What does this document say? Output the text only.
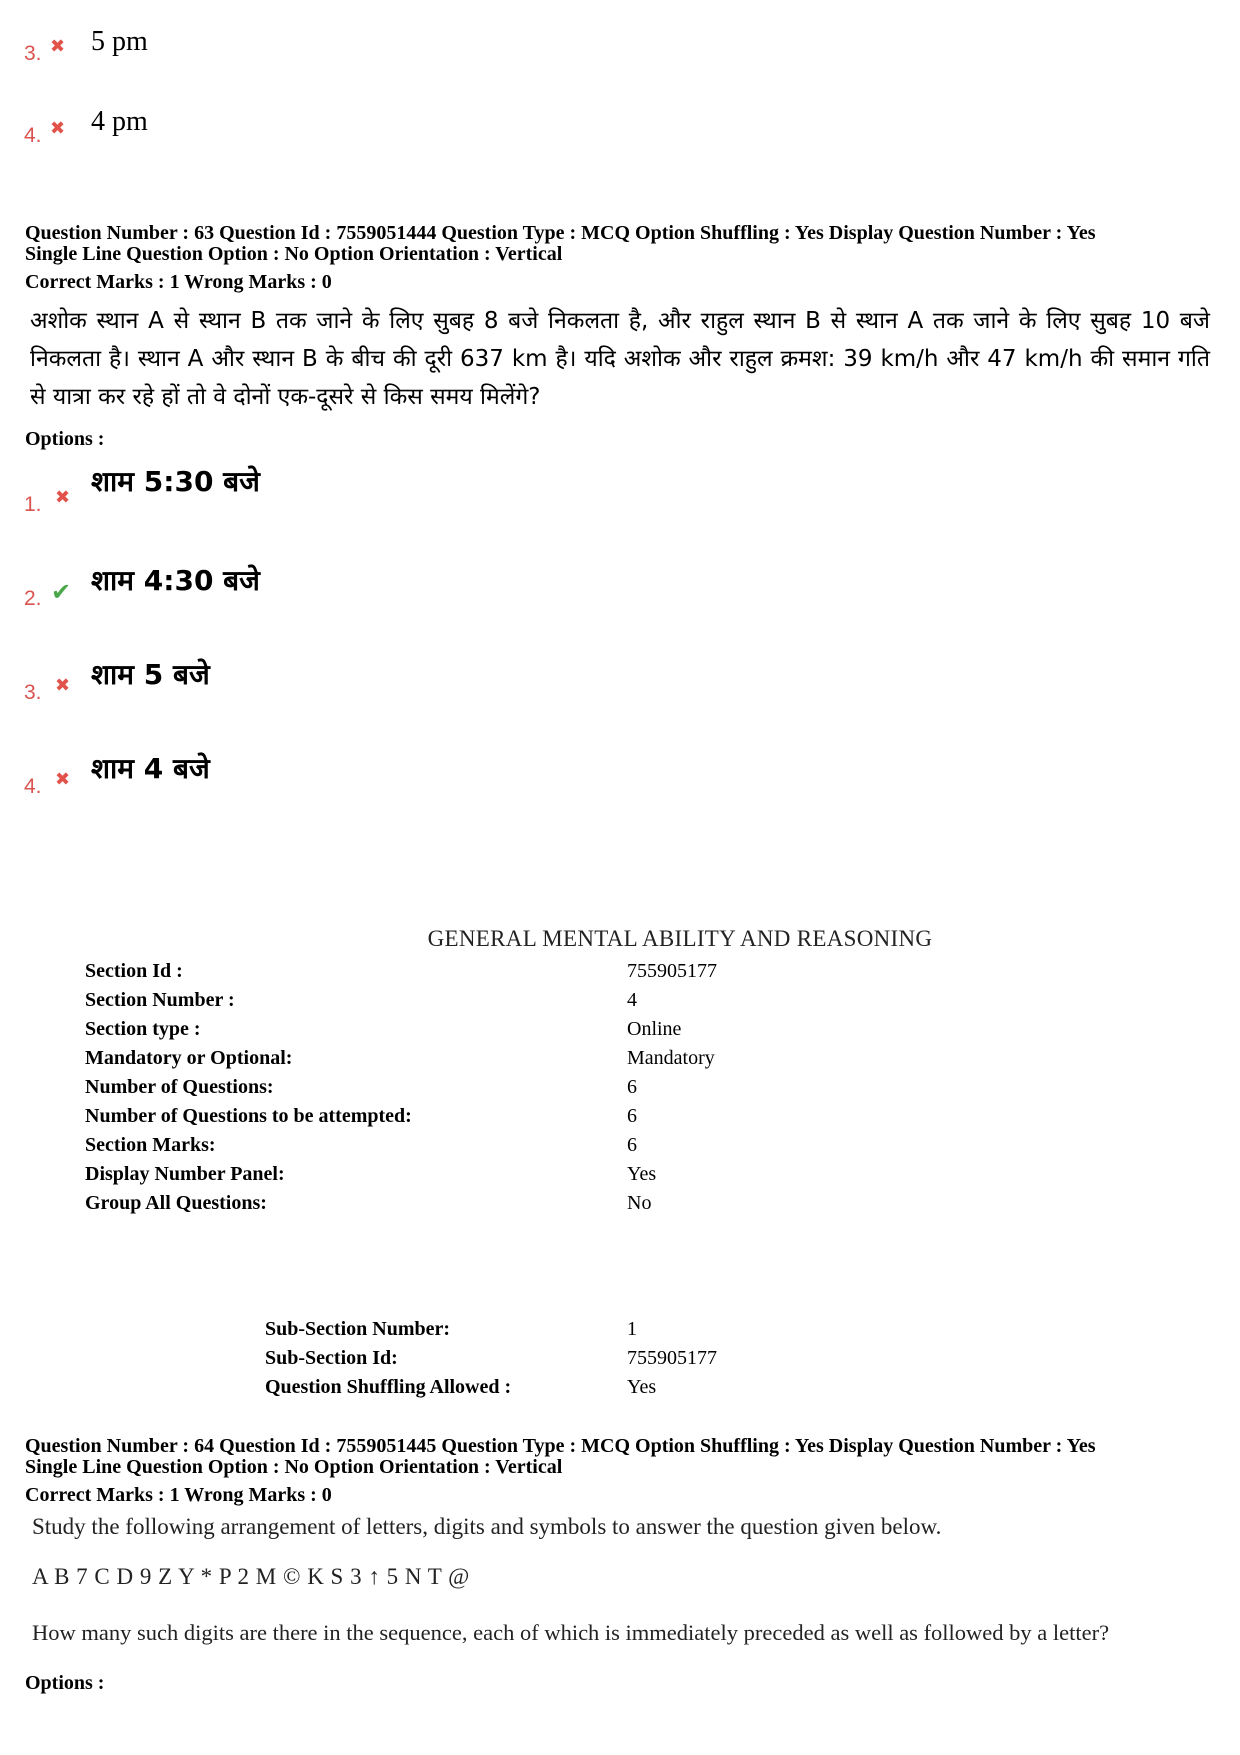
3. ✖ 5 pm
4. ✖ 4 pm
Question Number : 63 Question Id : 7559051444 Question Type : MCQ Option Shuffling : Yes Display Question Number : Yes
Single Line Question Option : No Option Orientation : Vertical
Correct Marks : 1 Wrong Marks : 0
अशोक स्थान A से स्थान B तक जाने के लिए सुबह 8 बजे निकलता है, और राहुल स्थान B से स्थान A तक जाने के लिए सुबह 10 बजे निकलता है। स्थान A और स्थान B के बीच की दूरी 637 km है। यदि अशोक और राहुल क्रमश: 39 km/h और 47 km/h की समान गति से यात्रा कर रहे हों तो वे दोनों एक-दूसरे से किस समय मिलेंगे?
Options :
1. ✖ शाम 5:30 बजे
2. ✔ शाम 4:30 बजे
3. ✖ शाम 5 बजे
4. ✖ शाम 4 बजे
GENERAL MENTAL ABILITY AND REASONING
Section Id :	755905177
Section Number :	4
Section type :	Online
Mandatory or Optional:	Mandatory
Number of Questions:	6
Number of Questions to be attempted:	6
Section Marks:	6
Display Number Panel:	Yes
Group All Questions:	No
Sub-Section Number:	1
Sub-Section Id:	755905177
Question Shuffling Allowed :	Yes
Question Number : 64 Question Id : 7559051445 Question Type : MCQ Option Shuffling : Yes Display Question Number : Yes
Single Line Question Option : No Option Orientation : Vertical
Correct Marks : 1 Wrong Marks : 0
Study the following arrangement of letters, digits and symbols to answer the question given below.
A B 7 C D 9 Z Y * P 2 M © K S 3 ↑ 5 N T @
How many such digits are there in the sequence, each of which is immediately preceded as well as followed by a letter?
Options :
